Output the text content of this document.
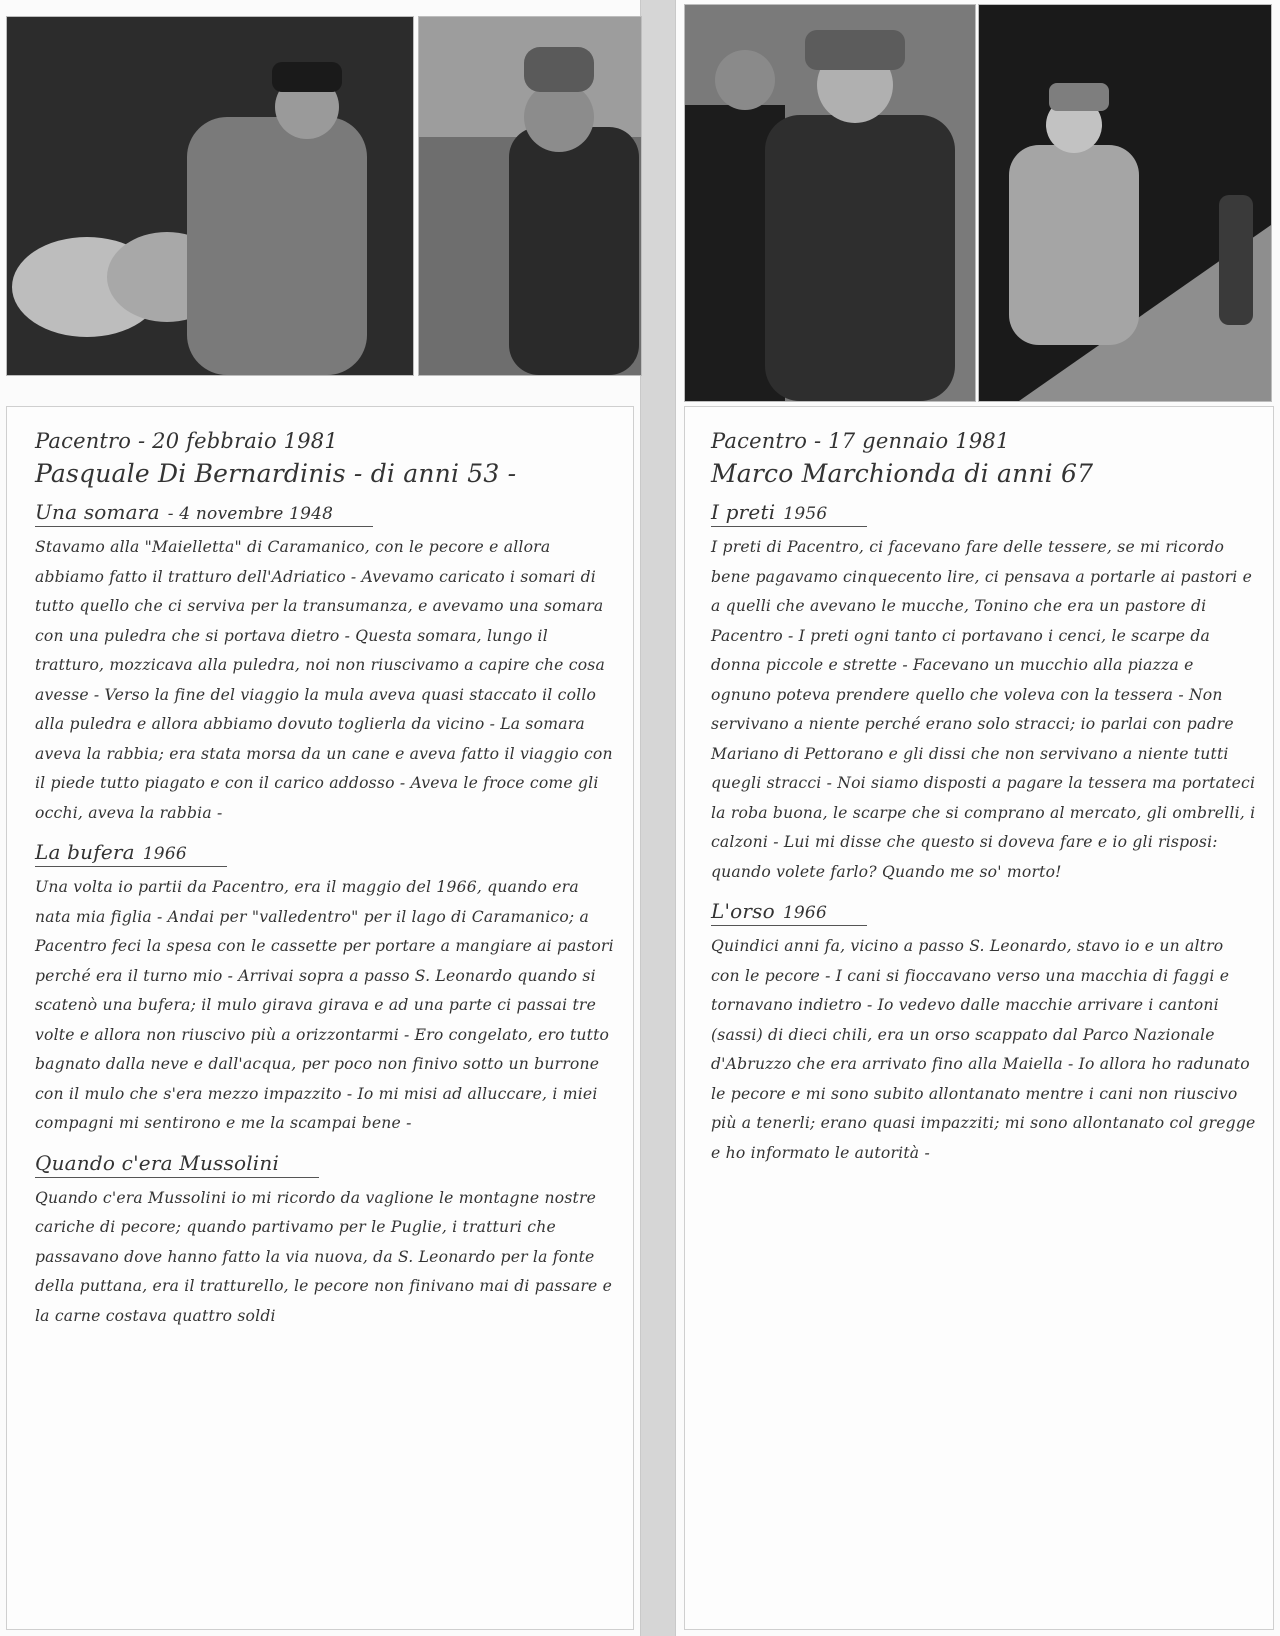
Pacentro - 20 febbraio 1981
Pasquale Di Bernardinis - di anni 53 -
Una somara - 4 novembre 1948

Stavamo alla "Maielletta" di Caramanico, con le pecore e allora abbiamo fatto il tratturo dell'Adriatico - Avevamo caricato i somari di tutto quello che ci serviva per la transumanza, e avevamo una somara con una puledra che si portava dietro - Questa somara, lungo il tratturo, mozzicava alla puledra, noi non riuscivamo a capire che cosa avesse - Verso la fine del viaggio la mula aveva quasi staccato il collo alla puledra e allora abbiamo dovuto toglierla da vicino - La somara aveva la rabbia; era stata morsa da un cane e aveva fatto il viaggio con il piede tutto piagato e con il carico addosso - Aveva le froce come gli occhi, aveva la rabbia -

La bufera 1966

Una volta io partii da Pacentro, era il maggio del 1966, quando era nata mia figlia - Andai per "valledentro" per il lago di Caramanico; a Pacentro feci la spesa con le cassette per portare a mangiare ai pastori perché era il turno mio - Arrivai sopra a passo S. Leonardo quando si scatenò una bufera; il mulo girava girava e ad una parte ci passai tre volte e allora non riuscivo più a orizzontarmi - Ero congelato, ero tutto bagnato dalla neve e dall'acqua, per poco non finivo sotto un burrone con il mulo che s'era mezzo impazzito - Io mi misi ad alluccare, i miei compagni mi sentirono e me la scampai bene -

Quando c'era Mussolini

Quando c'era Mussolini io mi ricordo da vaglione le montagne nostre cariche di pecore; quando partivamo per le Puglie, i tratturi che passavano dove hanno fatto la via nuova, da S. Leonardo per la fonte della puttana, era il tratturello, le pecore non finivano mai di passare e la carne costava quattro soldi

Pacentro - 17 gennaio 1981
Marco Marchionda di anni 67
I preti 1956

I preti di Pacentro, ci facevano fare delle tessere, se mi ricordo bene pagavamo cinquecento lire, ci pensava a portarle ai pastori e a quelli che avevano le mucche, Tonino che era un pastore di Pacentro - I preti ogni tanto ci portavano i cenci, le scarpe da donna piccole e strette - Facevano un mucchio alla piazza e ognuno poteva prendere quello che voleva con la tessera - Non servivano a niente perché erano solo stracci; io parlai con padre Mariano di Pettorano e gli dissi che non servivano a niente tutti quegli stracci - Noi siamo disposti a pagare la tessera ma portateci la roba buona, le scarpe che si comprano al mercato, gli ombrelli, i calzoni - Lui mi disse che questo si doveva fare e io gli risposi: quando volete farlo? Quando me so' morto!

L'orso 1966

Quindici anni fa, vicino a passo S. Leonardo, stavo io e un altro con le pecore - I cani si fioccavano verso una macchia di faggi e tornavano indietro - Io vedevo dalle macchie arrivare i cantoni (sassi) di dieci chili, era un orso scappato dal Parco Nazionale d'Abruzzo che era arrivato fino alla Maiella - Io allora ho radunato le pecore e mi sono subito allontanato mentre i cani non riuscivo più a tenerli; erano quasi impazziti; mi sono allontanato col gregge e ho informato le autorità -
